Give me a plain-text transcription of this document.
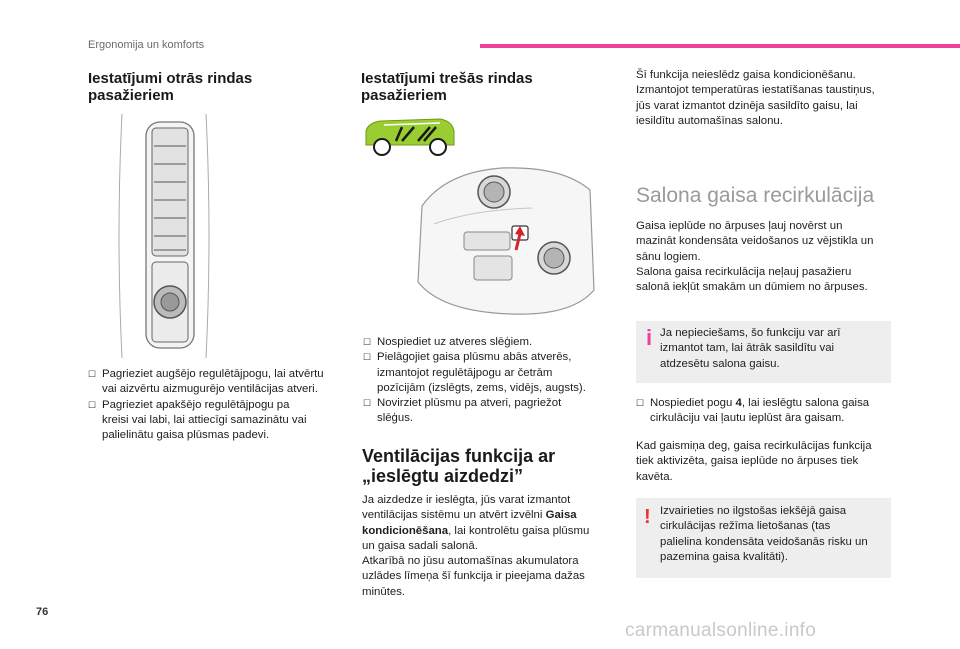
Ergonomija un komforts
Iestatījumi otrās rindas
pasažieriem
☐ Pagrieziet augšējo regulētājpogu, lai atvērtu
vai aizvērtu aizmugurējo ventilācijas atveri.
☐ Pagrieziet apakšējo regulētājpogu pa
kreisi vai labi, lai attiecīgi samazinātu vai
palielinātu gaisa plūsmas padevi.
Iestatījumi trešās rindas
pasažieriem
☐ Nospiediet uz atveres slēģiem.
☐ Pielāgojiet gaisa plūsmu abās atverēs,
izmantojot regulētājpogu ar četrām
pozīcijām (izslēgts, zems, vidējs, augsts).
☐ Novirziet plūsmu pa atveri, pagriežot
slēģus.
Ventilācijas funkcija ar
„ieslēgtu aizdedzi”
Ja aizdedze ir ieslēgta, jūs varat izmantot
ventilācijas sistēmu un atvērt izvēlni Gaisa
kondicionēšana, lai kontrolētu gaisa plūsmu
un gaisa sadali salonā.
Atkarībā no jūsu automašīnas akumulatora
uzlādes līmeņa šī funkcija ir pieejama dažas
minūtes.
Šī funkcija neieslēdz gaisa kondicionēšanu.
Izmantojot temperatūras iestatīšanas taustiņus,
jūs varat izmantot dzinēja sasildīto gaisu, lai
iesildītu automašīnas salonu.
Salona gaisa recirkulācija
Gaisa ieplūde no ārpuses ļauj novērst un
mazināt kondensāta veidošanos uz vējstikla un
sānu logiem.
Salona gaisa recirkulācija neļauj pasažieru
salonā iekļūt smakām un dūmiem no ārpuses.
i Ja nepieciešams, šo funkciju var arī
izmantot tam, lai ātrāk sasildītu vai
atdzesētu salona gaisu.
☐ Nospiediet pogu 4, lai ieslēgtu salona gaisa
cirkulāciju vai ļautu ieplūst āra gaisam.
Kad gaismiņa deg, gaisa recirkulācijas funkcija
tiek aktivizēta, gaisa ieplūde no ārpuses tiek
kavēta.
! Izvairieties no ilgstošas iekšējā gaisa
cirkulācijas režīma lietošanas (tas
palielina kondensāta veidošanās risku un
pazemina gaisa kvalitāti).
76
carmanualsonline.info
